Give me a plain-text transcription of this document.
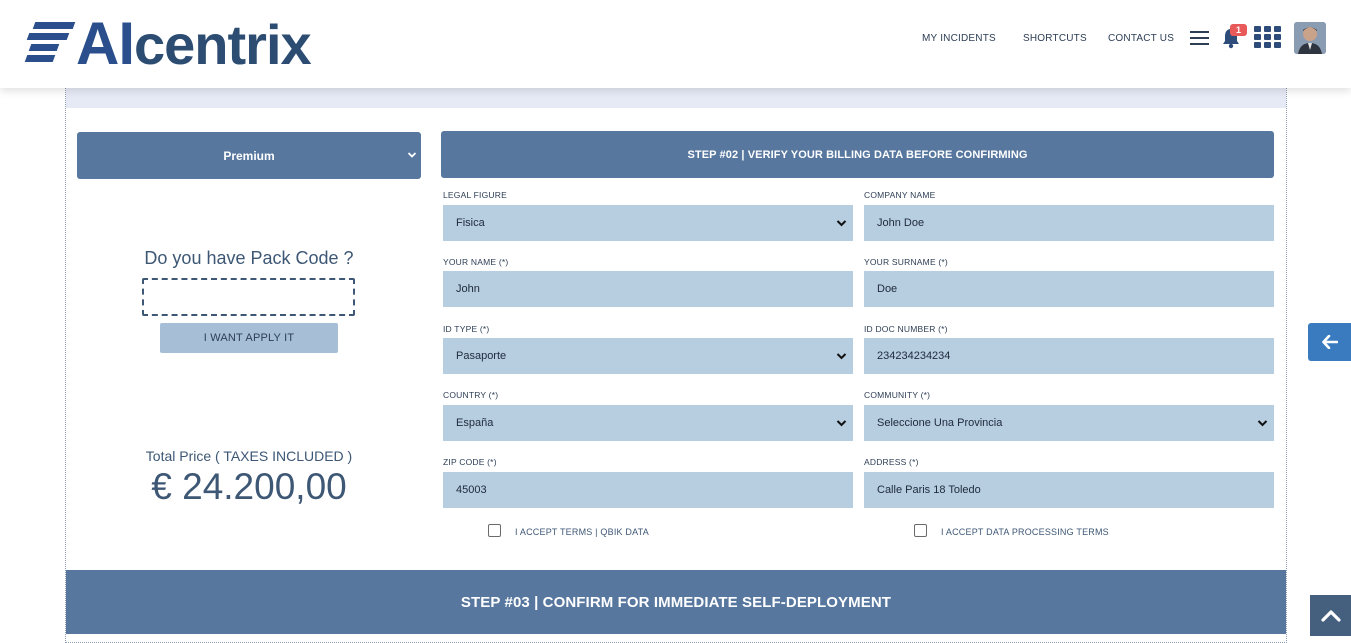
AIcentrix	MY INCIDENTS	SHORTCUTS CONTACT US
1
Premium
Do you have Pack Code ?
I WANT APPLY IT
Total Price ( TAXES INCLUDED )
€ 24.200,00
STEP #02 | VERIFY YOUR BILLING DATA BEFORE CONFIRMING
LEGAL FIGURE
Fisica
COMPANY NAME
John Doe
YOUR NAME (*)
John
YOUR SURNAME (*)
Doe
ID TYPE (*)
Pasaporte
ID DOC NUMBER (*)
234234234234
COUNTRY (*)
España
COMMUNITY (*)
Seleccione Una Provincia
ZIP CODE (*)
45003
ADDRESS (*)
Calle Paris 18 Toledo
I ACCEPT TERMS | QBIK DATA	I ACCEPT DATA PROCESSING TERMS
STEP #03 | CONFIRM FOR IMMEDIATE SELF-DEPLOYMENT
